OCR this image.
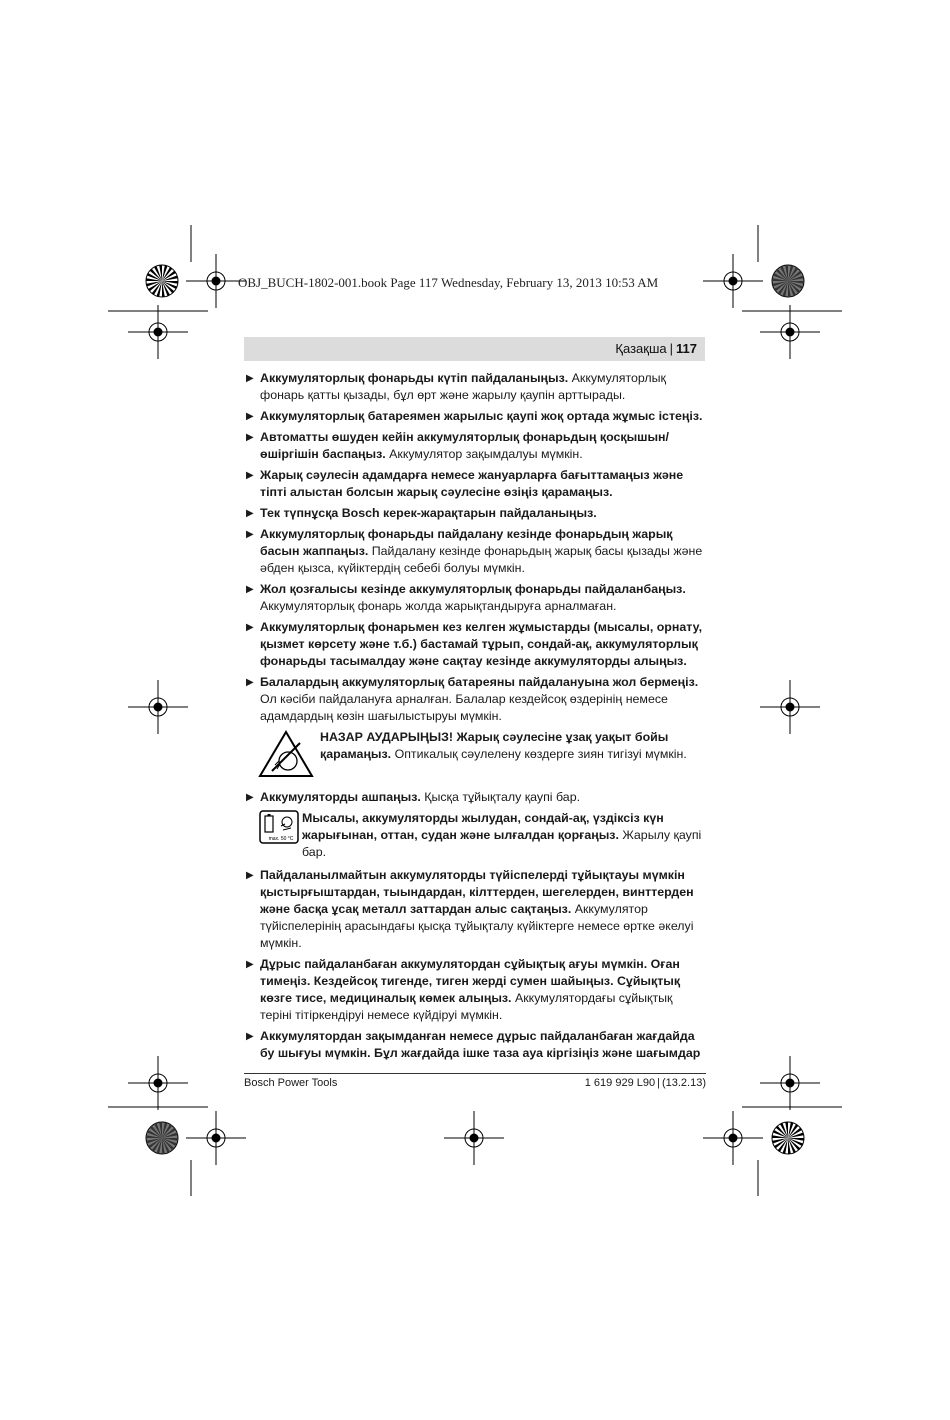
OBJ_BUCH-1802-001.book Page 117 Wednesday, February 13, 2013 10:53 AM
Қазақша | 117
▶ Аккумуляторлық фонарьды күтіп пайдаланыңыз. Аккумуляторлық фонарь қатты қызады, бұл өрт және жарылу қаупін арттырады.
▶ Аккумуляторлық батареямен жарылыс қаупі жоқ ортада жұмыс істеңіз.
▶ Автоматты өшуден кейін аккумуляторлық фонарьдың қосқышын/өшіргішін баспаңыз. Аккумулятор зақымдалуы мүмкін.
▶ Жарық сәулесін адамдарға немесе жануарларға бағыттамаңыз және тіпті алыстан болсын жарық сәулесіне өзіңіз қарамаңыз.
▶ Тек түпнұсқа Bosch керек-жарақтарын пайдаланыңыз.
▶ Аккумуляторлық фонарьды пайдалану кезінде фонарьдың жарық басын жаппаңыз. Пайдалану кезінде фонарьдың жарық басы қызады және әбден қызса, күйіктердің себебі болуы мүмкін.
▶ Жол қозғалысы кезінде аккумуляторлық фонарьды пайдаланбаңыз. Аккумуляторлық фонарь жолда жарықтандыруға арналмаған.
▶ Аккумуляторлық фонарьмен кез келген жұмыстарды (мысалы, орнату, қызмет көрсету және т.б.) бастамай тұрып, сондай-ақ, аккумуляторлық фонарьды тасымалдау және сақтау кезінде аккумуляторды алыңыз.
▶ Балалардың аккумуляторлық батареяны пайдалануына жол бермеңіз. Ол кәсіби пайдалануға арналған. Балалар кездейсоқ өздерінің немесе адамдардың көзін шағылыстыруы мүмкін.
НАЗАР АУДАРЫҢЫЗ! Жарық сәулесіне ұзақ уақыт бойы қарамаңыз. Оптикалық сәулелену көздерге зиян тигізуі мүмкін.
▶ Аккумуляторды ашпаңыз. Қысқа тұйықталу қаупі бар.
max. 50 °C
Мысалы, аккумуляторды жылудан, сондай-ақ, үздіксіз күн жарығынан, оттан, судан және ылғалдан қорғаңыз. Жарылу қаупі бар.
▶ Пайдаланылмайтын аккумуляторды түйіспелерді тұйықтауы мүмкін қыстырғыштардан, тыындардан, кілттерден, шегелерден, винттерден және басқа ұсақ металл заттардан алыс сақтаңыз. Аккумулятор түйіспелерінің арасындағы қысқа тұйықталу күйіктерге немесе өртке әкелуі мүмкін.
▶ Дұрыс пайдаланбаған аккумулятордан сұйықтық ағуы мүмкін. Оған тимеңіз. Кездейсоқ тигенде, тиген жерді сумен шайыңыз. Сұйықтық көзге тисе, медициналық көмек алыңыз. Аккумулятордағы сұйықтық теріні тітіркендіруі немесе күйдіруі мүмкін.
▶ Аккумулятордан зақымданған немесе дұрыс пайдаланбаған жағдайда бу шығуы мүмкін. Бұл жағдайда ішке таза ауа кіргізіңіз және шағымдар
Bosch Power Tools	1 619 929 L90 | (13.2.13)
